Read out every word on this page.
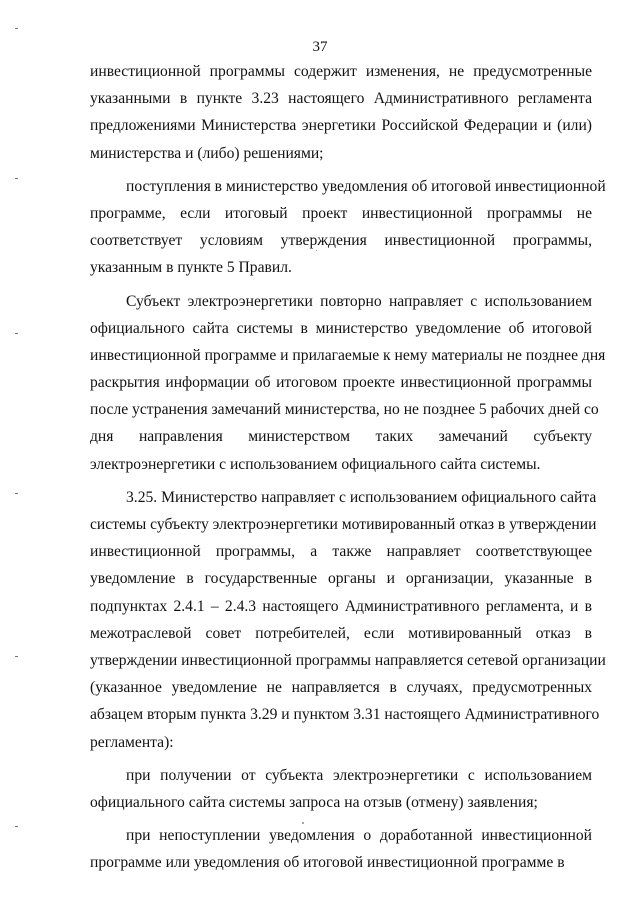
37
инвестиционной программы содержит изменения, не предусмотренные
указанными в пункте 3.23 настоящего Административного регламента
предложениями Министерства энергетики Российской Федерации и (или)
министерства и (либо) решениями;
поступления в министерство уведомления об итоговой инвестиционной
программе, если итоговый проект инвестиционной программы не
соответствует условиям утверждения инвестиционной программы,
указанным в пункте 5 Правил.
Субъект электроэнергетики повторно направляет с использованием
официального сайта системы в министерство уведомление об итоговой
инвестиционной программе и прилагаемые к нему материалы не позднее дня
раскрытия информации об итоговом проекте инвестиционной программы
после устранения замечаний министерства, но не позднее 5 рабочих дней со
дня направления министерством таких замечаний субъекту
электроэнергетики с использованием официального сайта системы.
3.25. Министерство направляет с использованием официального сайта
системы субъекту электроэнергетики мотивированный отказ в утверждении
инвестиционной программы, а также направляет соответствующее
уведомление в государственные органы и организации, указанные в
подпунктах 2.4.1 – 2.4.3 настоящего Административного регламента, и в
межотраслевой совет потребителей, если мотивированный отказ в
утверждении инвестиционной программы направляется сетевой организации
(указанное уведомление не направляется в случаях, предусмотренных
абзацем вторым пункта 3.29 и пунктом 3.31 настоящего Административного
регламента):
при получении от субъекта электроэнергетики с использованием
официального сайта системы запроса на отзыв (отмену) заявления;
при непоступлении уведомления о доработанной инвестиционной
программе или уведомления об итоговой инвестиционной программе в
